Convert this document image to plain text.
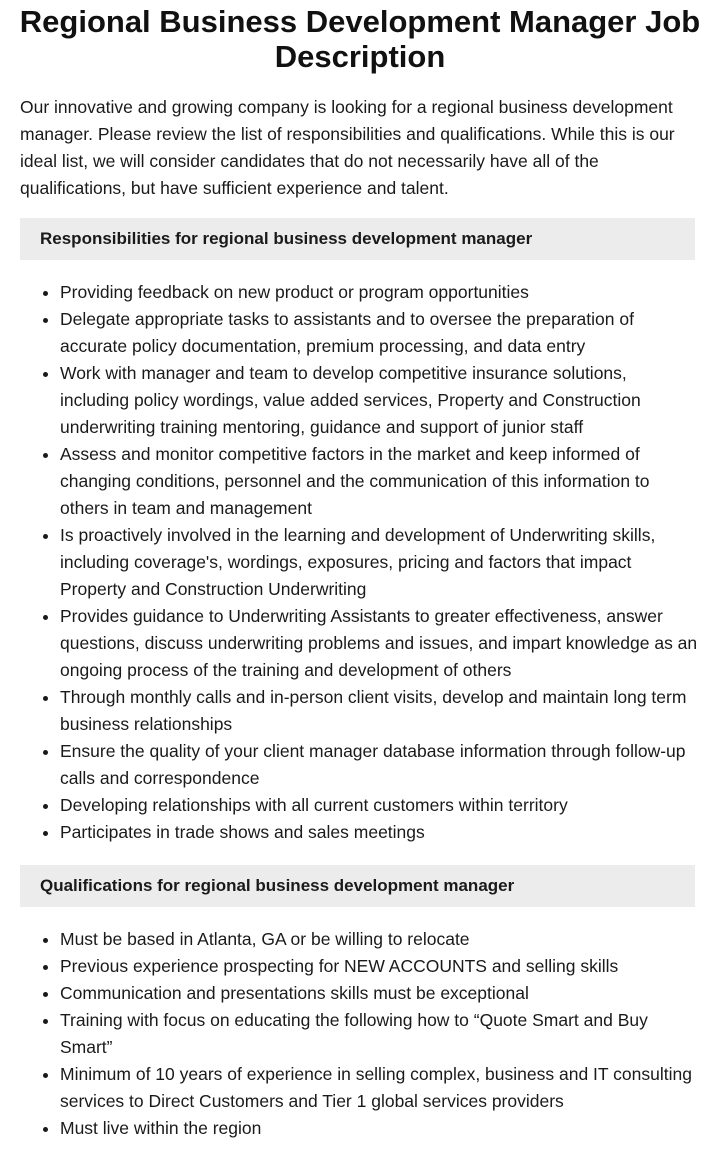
Regional Business Development Manager Job Description

Our innovative and growing company is looking for a regional business development manager. Please review the list of responsibilities and qualifications. While this is our ideal list, we will consider candidates that do not necessarily have all of the qualifications, but have sufficient experience and talent.

Responsibilities for regional business development manager
• Providing feedback on new product or program opportunities
• Delegate appropriate tasks to assistants and to oversee the preparation of accurate policy documentation, premium processing, and data entry
• Work with manager and team to develop competitive insurance solutions, including policy wordings, value added services, Property and Construction underwriting training mentoring, guidance and support of junior staff
• Assess and monitor competitive factors in the market and keep informed of changing conditions, personnel and the communication of this information to others in team and management
• Is proactively involved in the learning and development of Underwriting skills, including coverage's, wordings, exposures, pricing and factors that impact Property and Construction Underwriting
• Provides guidance to Underwriting Assistants to greater effectiveness, answer questions, discuss underwriting problems and issues, and impart knowledge as an ongoing process of the training and development of others
• Through monthly calls and in-person client visits, develop and maintain long term business relationships
• Ensure the quality of your client manager database information through follow-up calls and correspondence
• Developing relationships with all current customers within territory
• Participates in trade shows and sales meetings
Qualifications for regional business development manager
• Must be based in Atlanta, GA or be willing to relocate
• Previous experience prospecting for NEW ACCOUNTS and selling skills
• Communication and presentations skills must be exceptional
• Training with focus on educating the following how to “Quote Smart and Buy Smart”
• Minimum of 10 years of experience in selling complex, business and IT consulting services to Direct Customers and Tier 1 global services providers
• Must live within the region
